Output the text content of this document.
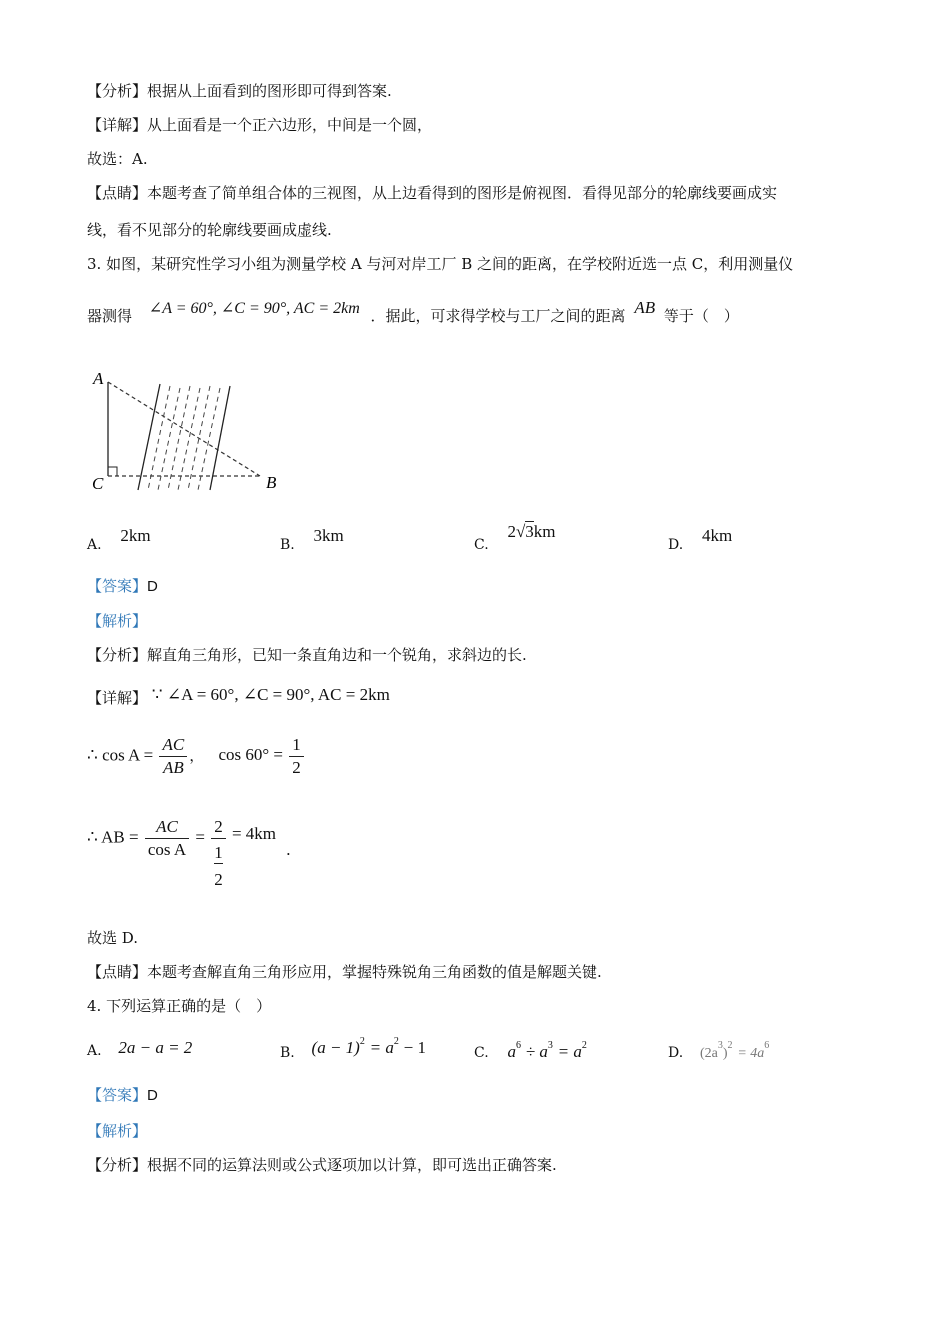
【分析】根据从上面看到的图形即可得到答案.
【详解】从上面看是一个正六边形，中间是一个圆，
故选：A.
【点睛】本题考查了简单组合体的三视图，从上边看得到的图形是俯视图．看得见部分的轮廓线要画成实
线，看不见部分的轮廓线要画成虚线.
3. 如图，某研究性学习小组为测量学校 A 与河对岸工厂 B 之间的距离，在学校附近选一点 C，利用测量仪
器测得 ∠A = 60°, ∠C = 90°, AC = 2km ．据此，可求得学校与工厂之间的距离 AB 等于（　）
A
C	B
A. 2km	B. 3km	C. 2√3km
D. 4km
【答案】D
【解析】
【分析】解直角三角形，已知一条直角边和一个锐角，求斜边的长.
【详解】 ∵ ∠A = 60°, ∠C = 90°, AC = 2km
∴ $\cos A = \frac{AC}{AB}$ ， $\cos 60^\circ = \frac{1}{2}$
∴ AB = $\frac{AC}{\text{cos A}} = 2$
1
2 = 4km .
故选 D.
【点睛】本题考查解直角三角形应用，掌握特殊锐角三角函数的值是解题关键.
4. 下列运算正确的是（　）
A. 2a − a = 2	B. $(a - 1)^2 = a^2 - 1$	C. $a^6 \div a^3 = a^2$	D. $(2a^3)^2 = 4a^6$
【答案】D
【解析】
【分析】根据不同的运算法则或公式逐项加以计算，即可选出正确答案.
